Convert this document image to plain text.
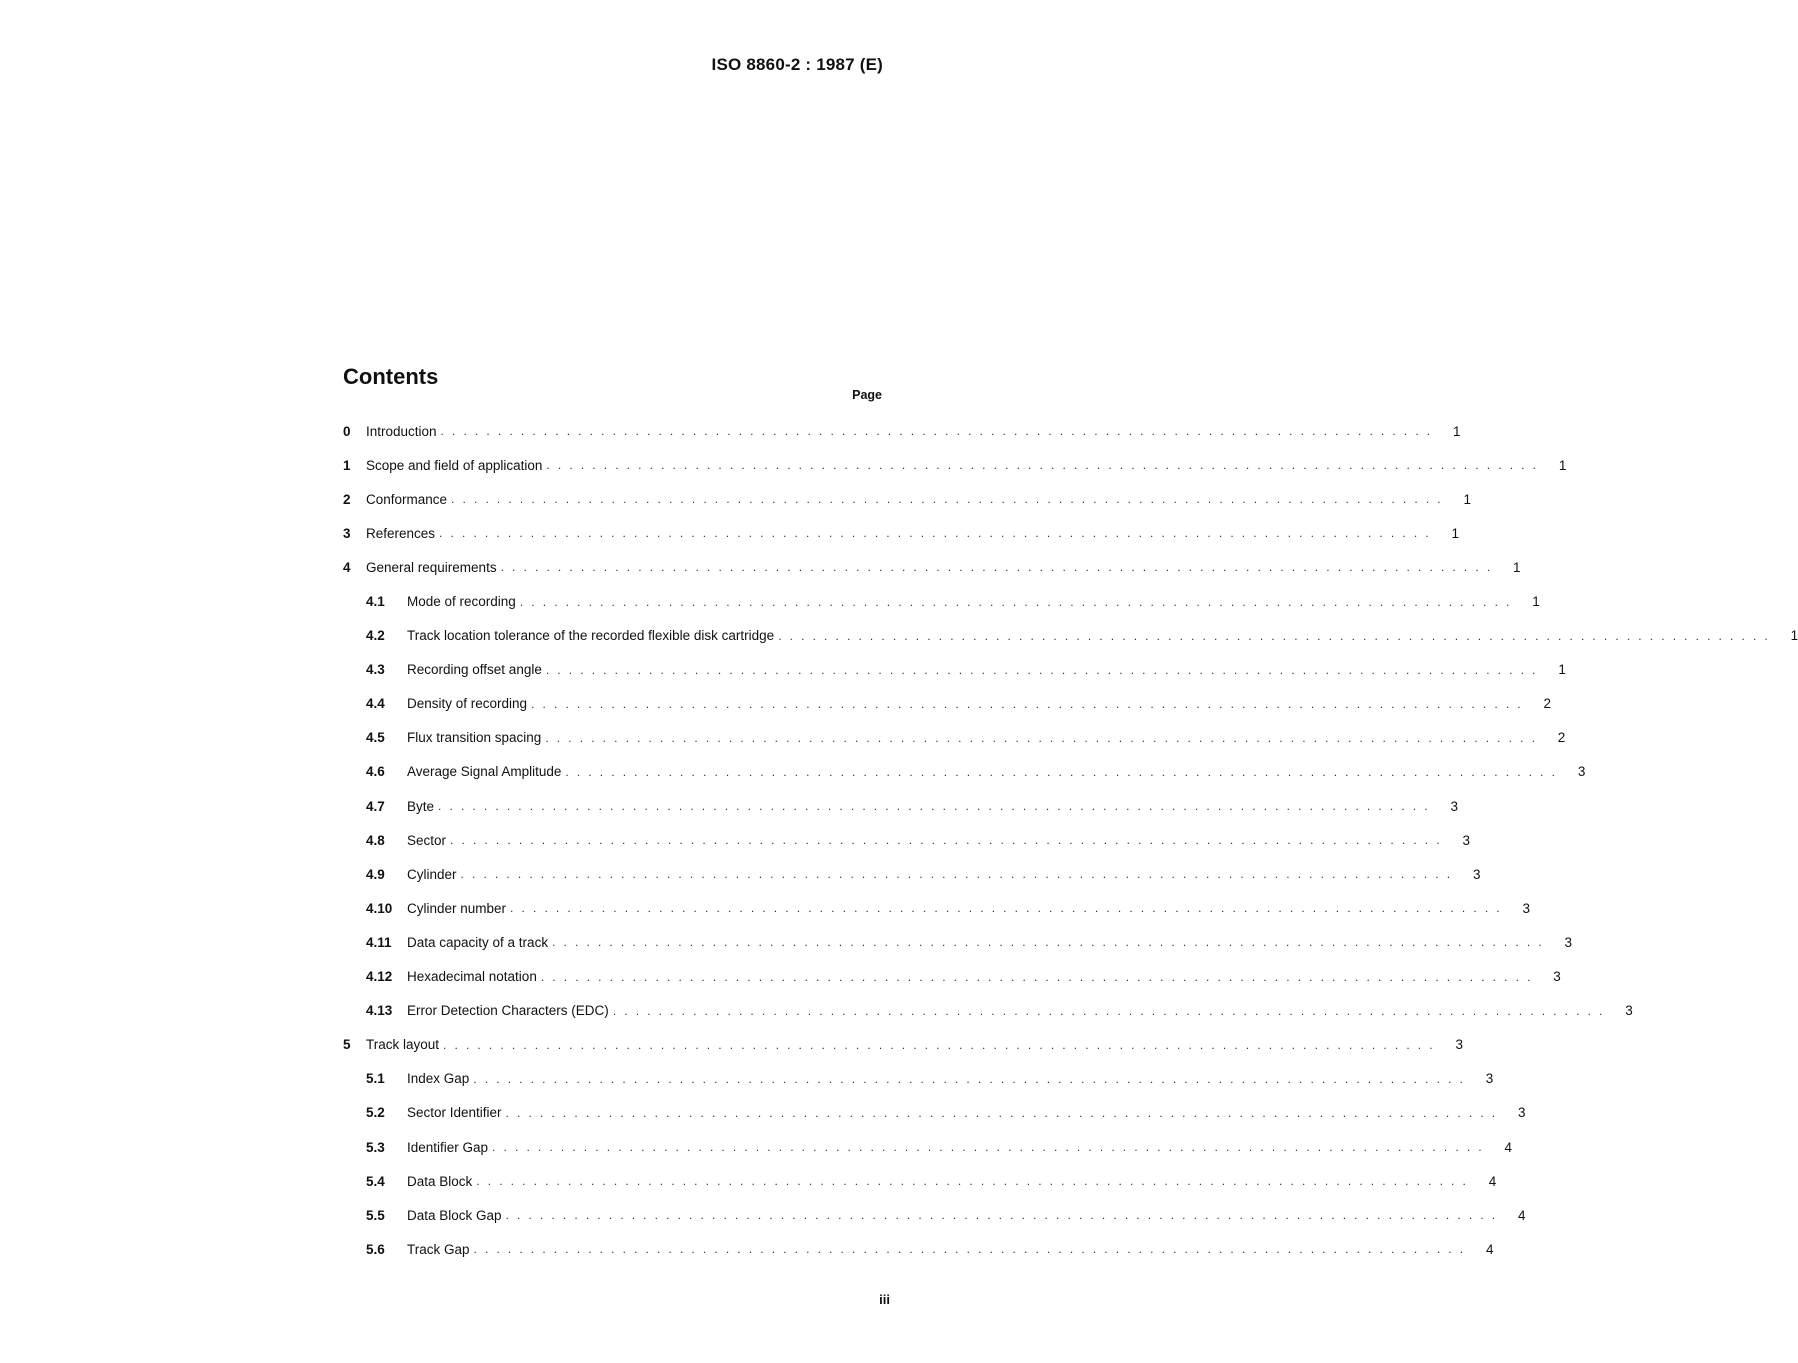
ISO 8860-2 : 1987 (E)
Contents
Page
0	Introduction . . . . . . . . . . . . . . . . . . . . . . . . . . . . . . . . . . . . . . . . . . . . . . . . . . . . . . . . . . . . . . . . . . . . . . . . . . . . . . . . . . . . . . .	1
1	Scope and field of application . . . . . . . . . . . . . . . . . . . . . . . . . . . . . . . . . . . . . . . . . . . . . . . . . . . . . . . . . . . . . . . . . . . . . . . . . . . . . . . . . . . . . . .	1
2	Conformance . . . . . . . . . . . . . . . . . . . . . . . . . . . . . . . . . . . . . . . . . . . . . . . . . . . . . . . . . . . . . . . . . . . . . . . . . . . . . . . . . . . . . . .	1
3	References . . . . . . . . . . . . . . . . . . . . . . . . . . . . . . . . . . . . . . . . . . . . . . . . . . . . . . . . . . . . . . . . . . . . . . . . . . . . . . . . . . . . . . .	1
4	General requirements . . . . . . . . . . . . . . . . . . . . . . . . . . . . . . . . . . . . . . . . . . . . . . . . . . . . . . . . . . . . . . . . . . . . . . . . . . . . . . . . . . . . . . .	1
4.1	Mode of recording . . . . . . . . . . . . . . . . . . . . . . . . . . . . . . . . . . . . . . . . . . . . . . . . . . . . . . . . . . . . . . . . . . . . . . . . . . . . . . . . . . . . . . .	1
4.2	Track location tolerance of the recorded flexible disk cartridge . . . . . . . . . . . . . . . . . . . . . . . . . . . . . . . . . . . . . . . . . . . . . . . . . . . . . . . . . . . . . . . . . . . . . . . . . . . . . . . . . . . . . . .	1
4.3	Recording offset angle . . . . . . . . . . . . . . . . . . . . . . . . . . . . . . . . . . . . . . . . . . . . . . . . . . . . . . . . . . . . . . . . . . . . . . . . . . . . . . . . . . . . . . .	1
4.4	Density of recording . . . . . . . . . . . . . . . . . . . . . . . . . . . . . . . . . . . . . . . . . . . . . . . . . . . . . . . . . . . . . . . . . . . . . . . . . . . . . . . . . . . . . . .	2
4.5	Flux transition spacing . . . . . . . . . . . . . . . . . . . . . . . . . . . . . . . . . . . . . . . . . . . . . . . . . . . . . . . . . . . . . . . . . . . . . . . . . . . . . . . . . . . . . . .	2
4.6	Average Signal Amplitude . . . . . . . . . . . . . . . . . . . . . . . . . . . . . . . . . . . . . . . . . . . . . . . . . . . . . . . . . . . . . . . . . . . . . . . . . . . . . . . . . . . . . . .	3
4.7	Byte . . . . . . . . . . . . . . . . . . . . . . . . . . . . . . . . . . . . . . . . . . . . . . . . . . . . . . . . . . . . . . . . . . . . . . . . . . . . . . . . . . . . . . .	3
4.8	Sector . . . . . . . . . . . . . . . . . . . . . . . . . . . . . . . . . . . . . . . . . . . . . . . . . . . . . . . . . . . . . . . . . . . . . . . . . . . . . . . . . . . . . . .	3
4.9	Cylinder . . . . . . . . . . . . . . . . . . . . . . . . . . . . . . . . . . . . . . . . . . . . . . . . . . . . . . . . . . . . . . . . . . . . . . . . . . . . . . . . . . . . . . .	3
4.10	Cylinder number . . . . . . . . . . . . . . . . . . . . . . . . . . . . . . . . . . . . . . . . . . . . . . . . . . . . . . . . . . . . . . . . . . . . . . . . . . . . . . . . . . . . . . .	3
4.11	Data capacity of a track . . . . . . . . . . . . . . . . . . . . . . . . . . . . . . . . . . . . . . . . . . . . . . . . . . . . . . . . . . . . . . . . . . . . . . . . . . . . . . . . . . . . . . .	3
4.12	Hexadecimal notation . . . . . . . . . . . . . . . . . . . . . . . . . . . . . . . . . . . . . . . . . . . . . . . . . . . . . . . . . . . . . . . . . . . . . . . . . . . . . . . . . . . . . . .	3
4.13	Error Detection Characters (EDC) . . . . . . . . . . . . . . . . . . . . . . . . . . . . . . . . . . . . . . . . . . . . . . . . . . . . . . . . . . . . . . . . . . . . . . . . . . . . . . . . . . . . . . .	3
5	Track layout . . . . . . . . . . . . . . . . . . . . . . . . . . . . . . . . . . . . . . . . . . . . . . . . . . . . . . . . . . . . . . . . . . . . . . . . . . . . . . . . . . . . . . .	3
5.1	Index Gap . . . . . . . . . . . . . . . . . . . . . . . . . . . . . . . . . . . . . . . . . . . . . . . . . . . . . . . . . . . . . . . . . . . . . . . . . . . . . . . . . . . . . . .	3
5.2	Sector Identifier . . . . . . . . . . . . . . . . . . . . . . . . . . . . . . . . . . . . . . . . . . . . . . . . . . . . . . . . . . . . . . . . . . . . . . . . . . . . . . . . . . . . . . .	3
5.3	Identifier Gap . . . . . . . . . . . . . . . . . . . . . . . . . . . . . . . . . . . . . . . . . . . . . . . . . . . . . . . . . . . . . . . . . . . . . . . . . . . . . . . . . . . . . . .	4
5.4	Data Block . . . . . . . . . . . . . . . . . . . . . . . . . . . . . . . . . . . . . . . . . . . . . . . . . . . . . . . . . . . . . . . . . . . . . . . . . . . . . . . . . . . . . . .	4
5.5	Data Block Gap . . . . . . . . . . . . . . . . . . . . . . . . . . . . . . . . . . . . . . . . . . . . . . . . . . . . . . . . . . . . . . . . . . . . . . . . . . . . . . . . . . . . . . .	4
5.6	Track Gap . . . . . . . . . . . . . . . . . . . . . . . . . . . . . . . . . . . . . . . . . . . . . . . . . . . . . . . . . . . . . . . . . . . . . . . . . . . . . . . . . . . . . . .	4
iii
